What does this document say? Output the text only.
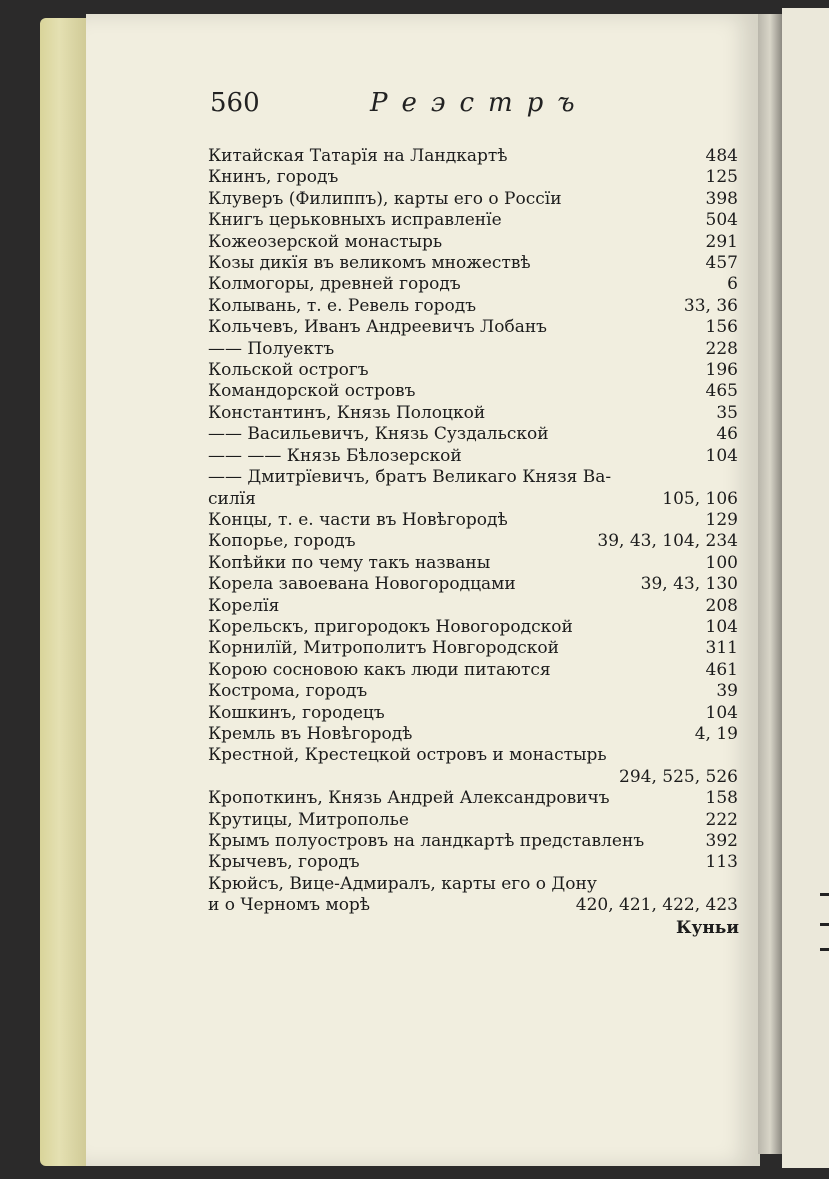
560	Реэстръ
Китайская Татарїя на Ландкартѣ	484
Книнъ, городъ	125
Клуверъ (Филиппъ), карты его о Россїи	398
Книгъ церьковныхъ исправленїе	504
Кожеозерской монастырь	291
Козы дикїя въ великомъ множествѣ	457
Колмогоры, древней городъ	6
Колывань, т. е. Ревель городъ	33, 36
Кольчевъ, Иванъ Андреевичъ Лобанъ	156
—— Полуектъ	228
Кольской острогъ	196
Командорской островъ	465
Константинъ, Князь Полоцкой	35
—— Васильевичъ, Князь Суздальской	46
—— —— Князь Бѣлозерской	104
—— Дмитрїевичъ, братъ Великаго Князя Ва-
силїя	105, 106
Концы, т. е. части въ Новѣгородѣ	129
Копорье, городъ	39, 43, 104, 234
Копѣйки по чему такъ названы	100
Корела завоевана Новогородцами	39, 43, 130
Корелїя	208
Корельскъ, пригородокъ Новогородской	104
Корнилїй, Митрополитъ Новгородской	311
Корою сосновою какъ люди питаются	461
Кострома, городъ	39
Кошкинъ, городецъ	104
Кремль въ Новѣгородѣ	4, 19
Крестной, Крестецкой островъ и монастырь
294, 525, 526
Кропоткинъ, Князь Андрей Александровичъ	158
Крутицы, Митрополье	222
Крымъ полуостровъ на ландкартѣ представленъ	392
Крычевъ, городъ	113
Крюйсъ, Вице-Адмиралъ, карты его о Дону
и о Черномъ морѣ	420, 421, 422, 423
Куньи
